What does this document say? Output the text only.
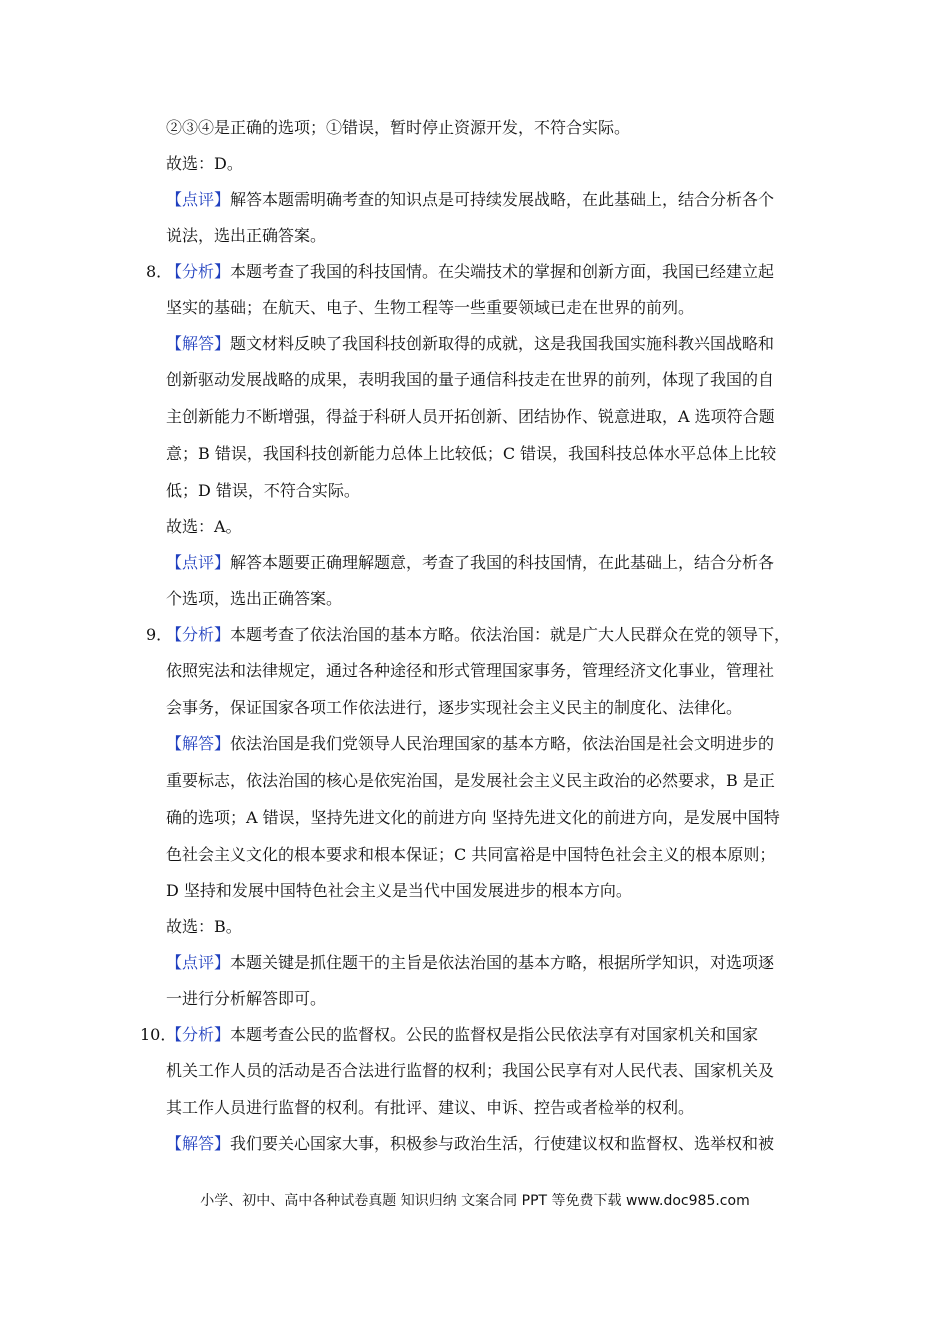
②③④是正确的选项；①错误，暂时停止资源开发，不符合实际。
故选：D。
【点评】解答本题需明确考查的知识点是可持续发展战略，在此基础上，结合分析各个
说法，选出正确答案。
8．
【分析】本题考查了我国的科技国情。在尖端技术的掌握和创新方面，我国已经建立起
坚实的基础；在航天、电子、生物工程等一些重要领域已走在世界的前列。
【解答】题文材料反映了我国科技创新取得的成就，这是我国我国实施科教兴国战略和
创新驱动发展战略的成果，表明我国的量子通信科技走在世界的前列，体现了我国的自
主创新能力不断增强，得益于科研人员开拓创新、团结协作、锐意进取，A 选项符合题
意；B 错误，我国科技创新能力总体上比较低；C 错误，我国科技总体水平总体上比较
低；D 错误，不符合实际。
故选：A。
【点评】解答本题要正确理解题意，考查了我国的科技国情，在此基础上，结合分析各
个选项，选出正确答案。
9．
【分析】本题考查了依法治国的基本方略。依法治国：就是广大人民群众在党的领导下，
依照宪法和法律规定，通过各种途径和形式管理国家事务，管理经济文化事业，管理社
会事务，保证国家各项工作依法进行，逐步实现社会主义民主的制度化、法律化。
【解答】依法治国是我们党领导人民治理国家的基本方略，依法治国是社会文明进步的
重要标志，依法治国的核心是依宪治国，是发展社会主义民主政治的必然要求，B 是正
确的选项；A 错误，坚持先进文化的前进方向 坚持先进文化的前进方向，是发展中国特
色社会主义文化的根本要求和根本保证；C 共同富裕是中国特色社会主义的根本原则；
D 坚持和发展中国特色社会主义是当代中国发展进步的根本方向。
故选：B。
【点评】本题关键是抓住题干的主旨是依法治国的基本方略，根据所学知识，对选项逐
一进行分析解答即可。
10．
【分析】本题考查公民的监督权。公民的监督权是指公民依法享有对国家机关和国家
机关工作人员的活动是否合法进行监督的权利；我国公民享有对人民代表、国家机关及
其工作人员进行监督的权利。有批评、建议、申诉、控告或者检举的权利。
【解答】我们要关心国家大事，积极参与政治生活，行使建议权和监督权、选举权和被
小学、初中、高中各种试卷真题 知识归纳 文案合同 PPT 等免费下载 www.doc985.com
